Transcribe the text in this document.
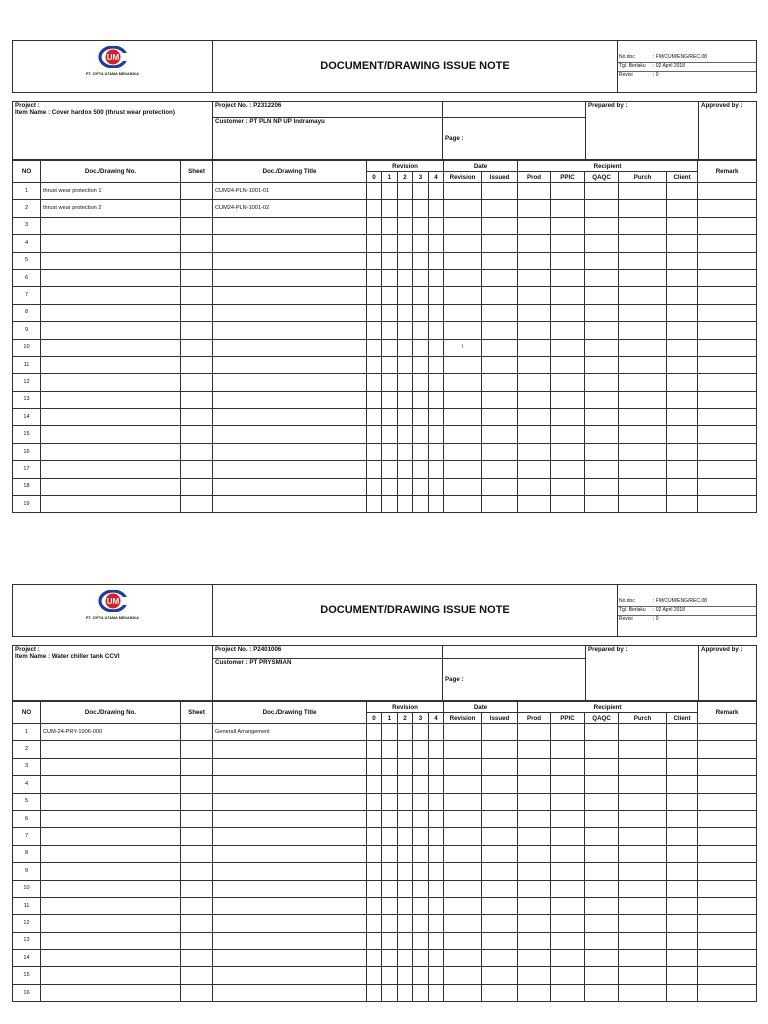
UM
PT. CIPTA UTAMA MEKANIKA
	DOCUMENT/DRAWING ISSUE NOTE	
No.doc	: FM/CUM/ENG/REC.08
Tgl. Berlaku	: 02 April 2018
Revisi	: 0
Project :
Item Name : Cover hardox 500 (thrust wear protection)	Project No. : P2312206		Prepared by :	Approved by :
	Customer : PT PLN NP UP Indramayu	Page :		
NO	Doc./Drawing No.	Sheet	Doc./Drawing Title	Revision					Date		Recipient					Remark
				0	1	2	3	4	Revision	Issued	Prod	PPIC	QAQC	Purch	Client	
1	thrust wear protection 1		CUM24-PLN-1001-01													
2	thrust wear protection 2		CUM24-PLN-1001-02													
3																
4																
5																
6																
7																
8																
9																
10									\							
11																
12																
13																
14																
15																
16																
17																
18																
19																
UM
PT. CIPTA UTAMA MEKANIKA
	DOCUMENT/DRAWING ISSUE NOTE	
No.doc	: FM/CUM/ENG/REC.08
Tgl. Berlaku	: 02 April 2018
Revisi	: 0
Project :
Item Name : Water chiller tank CCVI	Project No. : P2401006		Prepared by :	Approved by :
	Customer : PT PRYSMIAN	Page :		
NO	Doc./Drawing No.	Sheet	Doc./Drawing Title	Revision					Date		Recipient					Remark
				0	1	2	3	4	Revision	Issued	Prod	PPIC	QAQC	Purch	Client	
1	CUM-24-PRY-1006-000		Generall Arrangement													
2																
3																
4																
5																
6																
7																
8																
9																
10																
11																
12																
13																
14																
15																
16																
